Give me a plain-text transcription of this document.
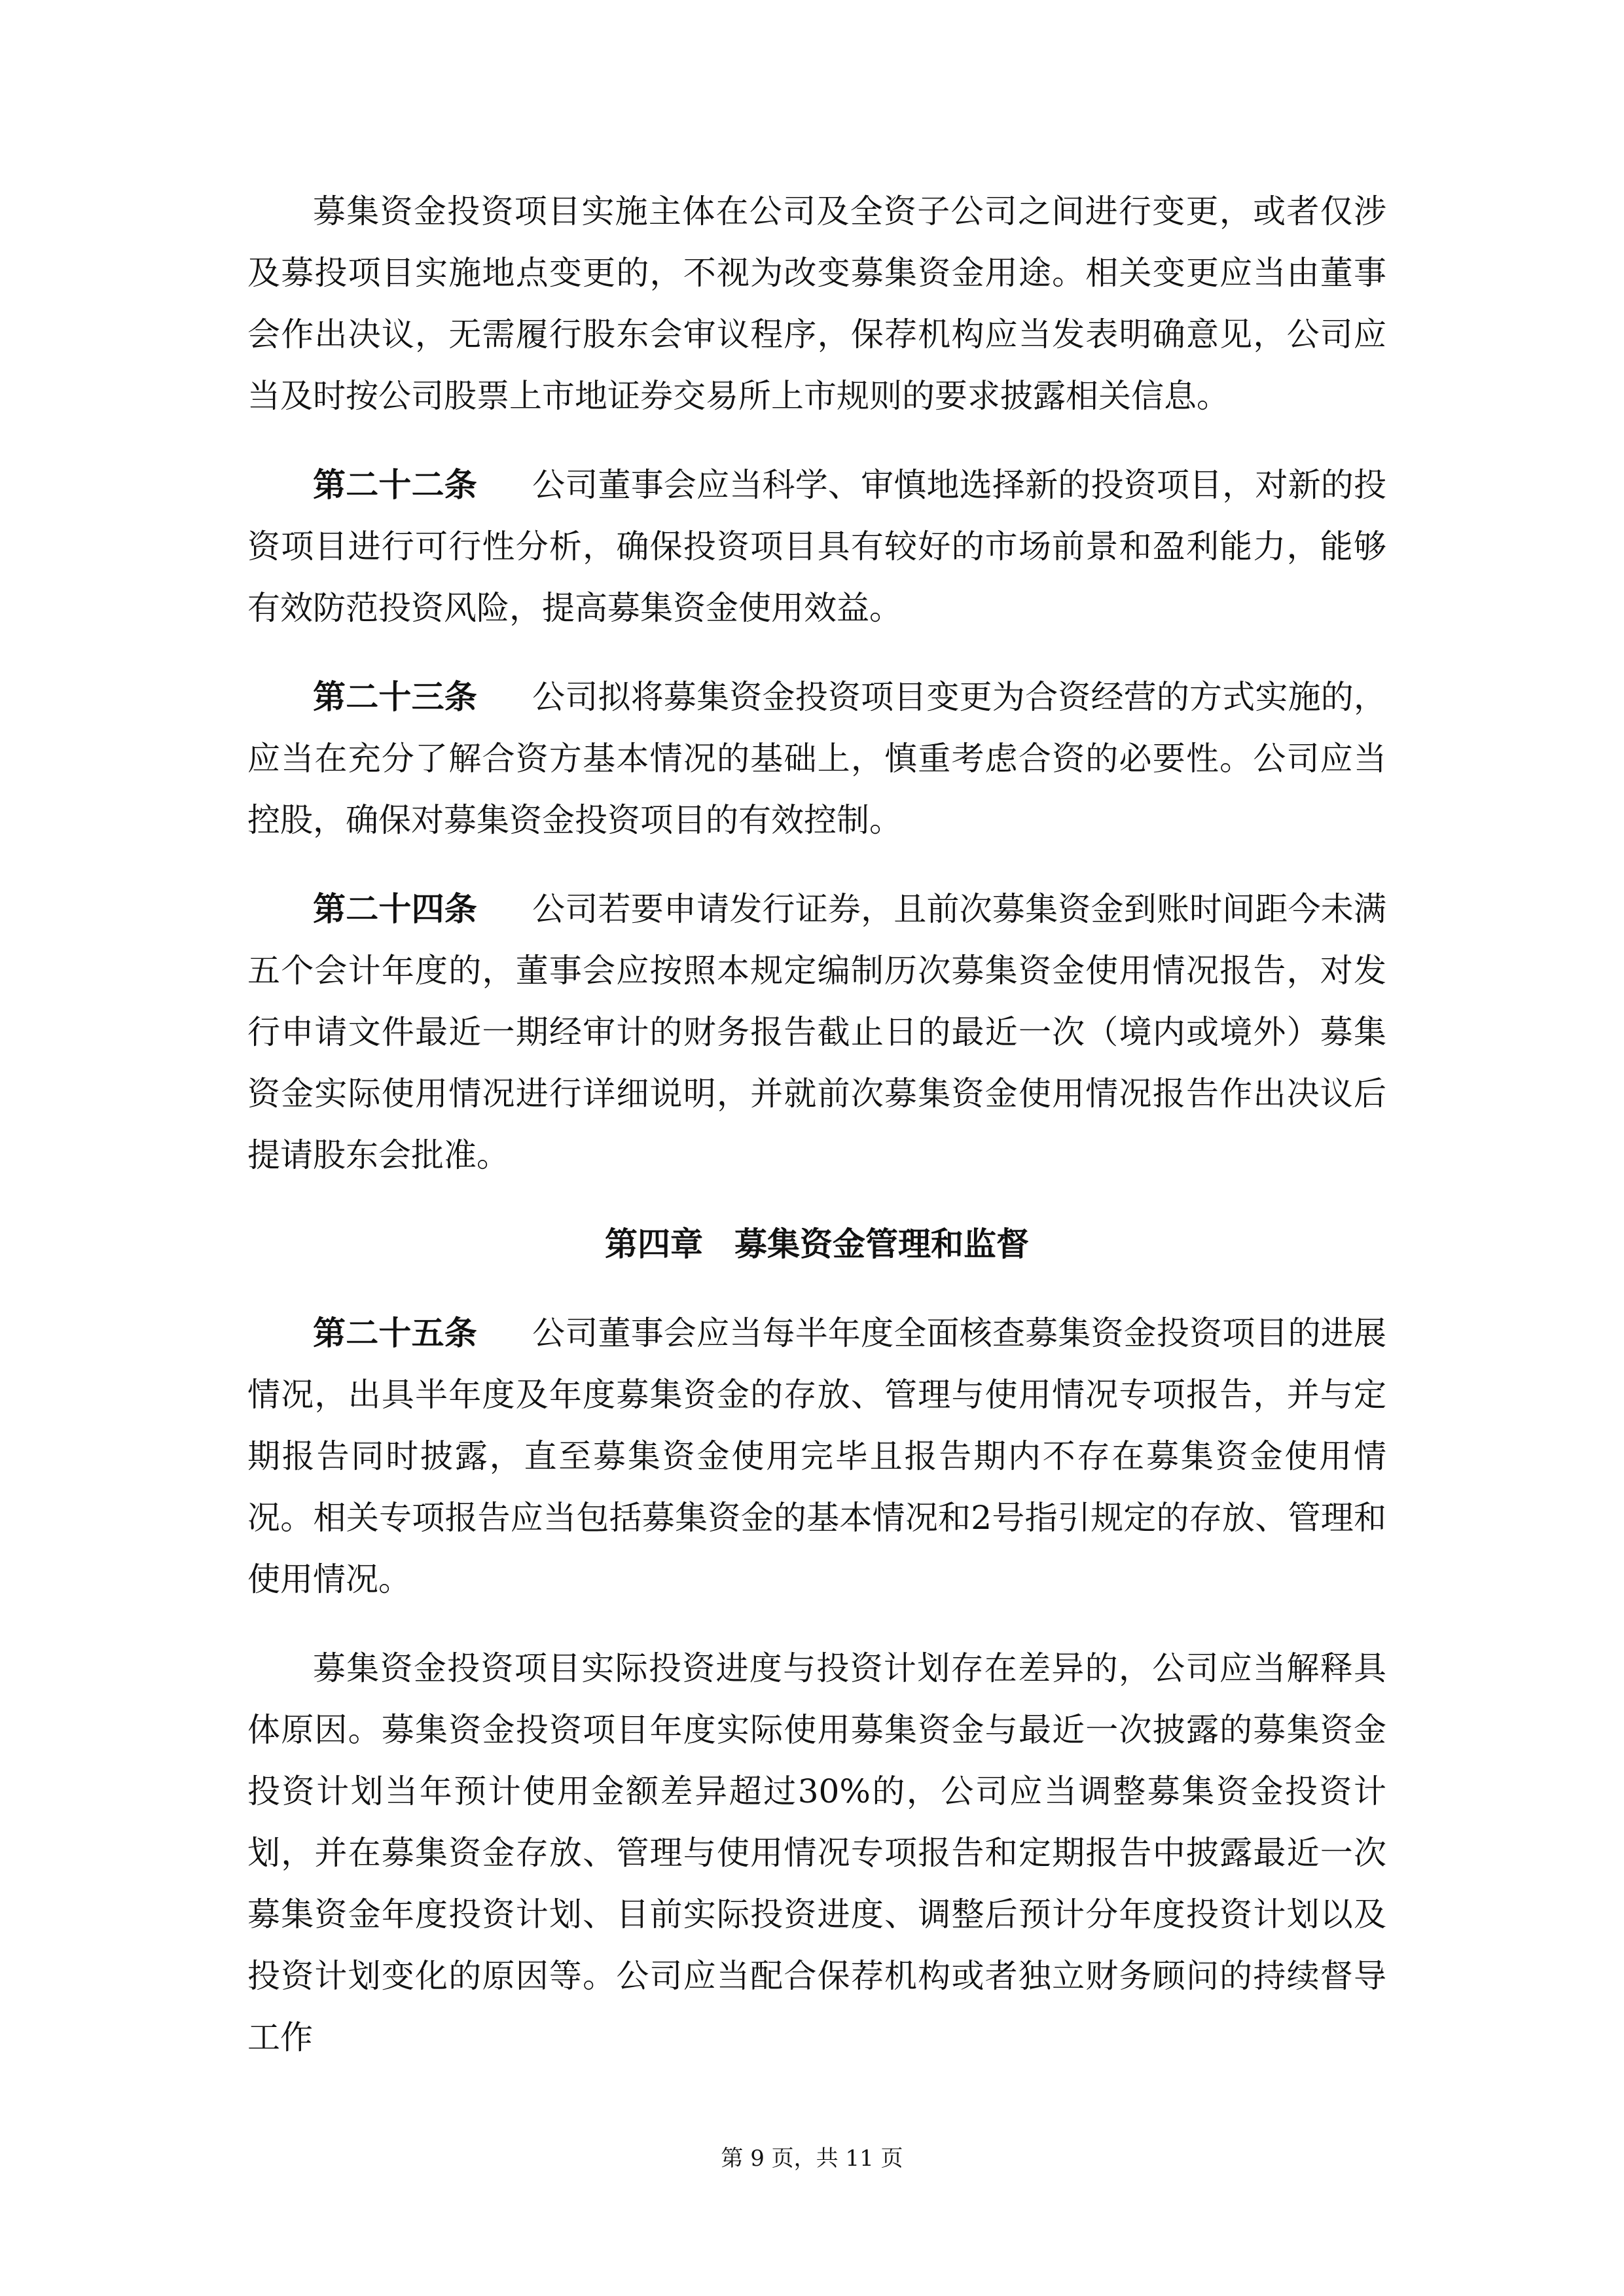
募集资金投资项目实施主体在公司及全资子公司之间进行变更，或者仅涉及募投项目实施地点变更的，不视为改变募集资金用途。相关变更应当由董事会作出决议，无需履行股东会审议程序，保荐机构应当发表明确意见，公司应当及时按公司股票上市地证券交易所上市规则的要求披露相关信息。

第二十二条 公司董事会应当科学、审慎地选择新的投资项目，对新的投资项目进行可行性分析，确保投资项目具有较好的市场前景和盈利能力，能够有效防范投资风险，提高募集资金使用效益。

第二十三条 公司拟将募集资金投资项目变更为合资经营的方式实施的，应当在充分了解合资方基本情况的基础上，慎重考虑合资的必要性。公司应当控股，确保对募集资金投资项目的有效控制。

第二十四条 公司若要申请发行证券，且前次募集资金到账时间距今未满五个会计年度的，董事会应按照本规定编制历次募集资金使用情况报告，对发行申请文件最近一期经审计的财务报告截止日的最近一次（境内或境外）募集资金实际使用情况进行详细说明，并就前次募集资金使用情况报告作出决议后提请股东会批准。

第四章 募集资金管理和监督

第二十五条 公司董事会应当每半年度全面核查募集资金投资项目的进展情况，出具半年度及年度募集资金的存放、管理与使用情况专项报告，并与定期报告同时披露，直至募集资金使用完毕且报告期内不存在募集资金使用情况。相关专项报告应当包括募集资金的基本情况和2号指引规定的存放、管理和使用情况。

募集资金投资项目实际投资进度与投资计划存在差异的，公司应当解释具体原因。募集资金投资项目年度实际使用募集资金与最近一次披露的募集资金投资计划当年预计使用金额差异超过30%的，公司应当调整募集资金投资计划，并在募集资金存放、管理与使用情况专项报告和定期报告中披露最近一次募集资金年度投资计划、目前实际投资进度、调整后预计分年度投资计划以及投资计划变化的原因等。公司应当配合保荐机构或者独立财务顾问的持续督导工作

第 9 页，共 11 页
